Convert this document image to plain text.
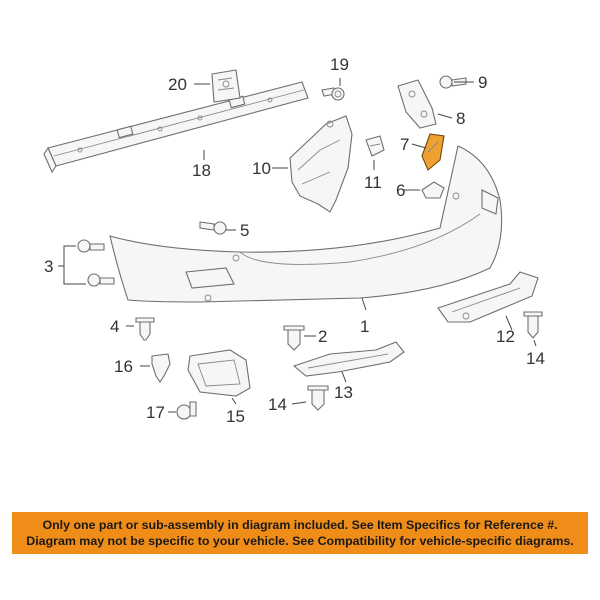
1
2
3
4
5
6
7
8
9
10
11
12
13
14
14
15
16
17
18
19
20
Only one part or sub-assembly in diagram included. See Item Specifics for Reference #.
Diagram may not be specific to your vehicle. See Compatibility for vehicle-specific diagrams.
